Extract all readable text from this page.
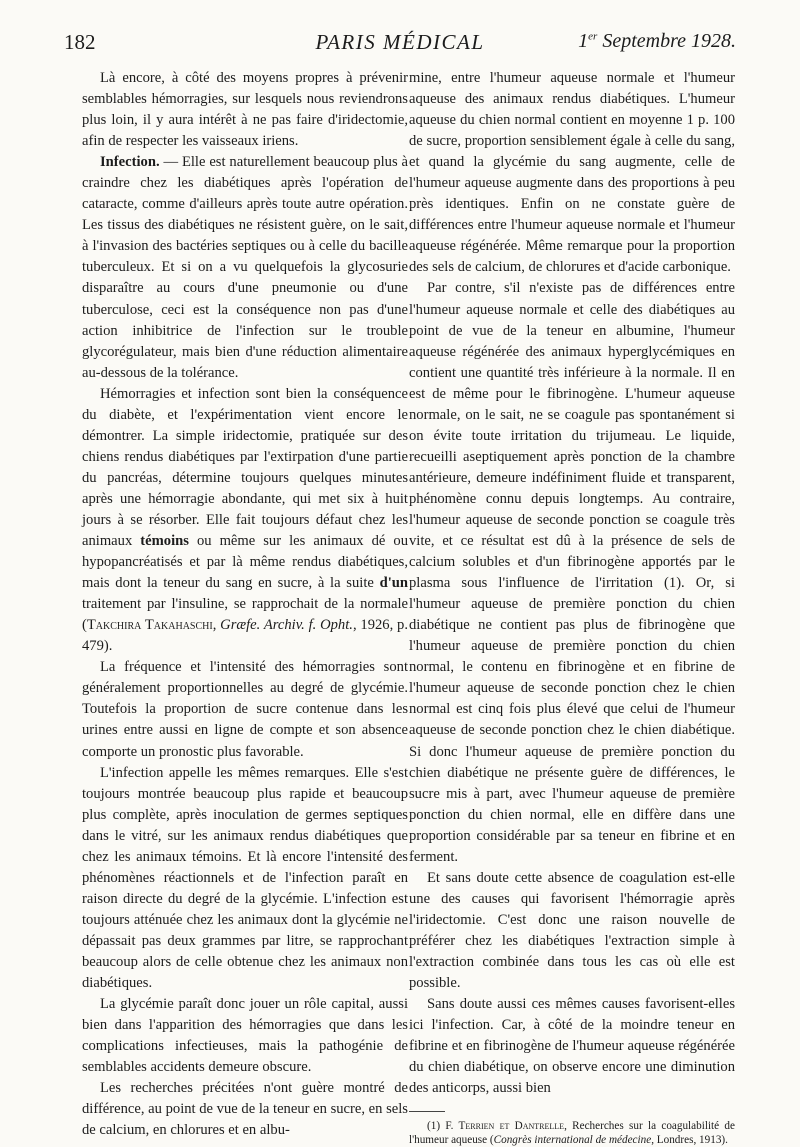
182	PARIS MÉDICAL	1er Septembre 1928.

Là encore, à côté des moyens propres à prévenir semblables hémorragies, sur lesquels nous reviendrons plus loin, il y aura intérêt à ne pas faire d'iridectomie, afin de respecter les vaisseaux iriens.

Infection. — Elle est naturellement beaucoup plus à craindre chez les diabétiques après l'opération de cataracte, comme d'ailleurs après toute autre opération. Les tissus des diabétiques ne résistent guère, on le sait, à l'invasion des bactéries septiques ou à celle du bacille tuberculeux. Et si on a vu quelquefois la glycosurie disparaître au cours d'une pneumonie ou d'une tuberculose, ceci est la conséquence non pas d'une action inhibitrice de l'infection sur le trouble glycorégulateur, mais bien d'une réduction alimentaire au-dessous de la tolérance.

Hémorragies et infection sont bien la conséquence du diabète, et l'expérimentation vient encore le démontrer. La simple iridectomie, pratiquée sur des chiens rendus diabétiques par l'extirpation d'une partie du pancréas, détermine toujours quelques minutes après une hémorragie abondante, qui met six à huit jours à se résorber. Elle fait toujours défaut chez les animaux témoins ou même sur les animaux dé ou hypopancréatisés et par là même rendus diabétiques, mais dont la teneur du sang en sucre, à la suite d'un traitement par l'insuline, se rapprochait de la normale (Takchira Takahaschi, Græfe. Archiv. f. Opht., 1926, p. 479).

La fréquence et l'intensité des hémorragies sont généralement proportionnelles au degré de glycémie. Toutefois la proportion de sucre contenue dans les urines entre aussi en ligne de compte et son absence comporte un pronostic plus favorable.

L'infection appelle les mêmes remarques. Elle s'est toujours montrée beaucoup plus rapide et beaucoup plus complète, après inoculation de germes septiques dans le vitré, sur les animaux rendus diabétiques que chez les animaux témoins. Et là encore l'intensité des phénomènes réactionnels et de l'infection paraît en raison directe du degré de la glycémie. L'infection est toujours atténuée chez les animaux dont la glycémie ne dépassait pas deux grammes par litre, se rapprochant beaucoup alors de celle obtenue chez les animaux non diabétiques.

La glycémie paraît donc jouer un rôle capital, aussi bien dans l'apparition des hémorragies que dans les complications infectieuses, mais la pathogénie de semblables accidents demeure obscure.

Les recherches précitées n'ont guère montré de différence, au point de vue de la teneur en sucre, en sels de calcium, en chlorures et en albu-

mine, entre l'humeur aqueuse normale et l'humeur aqueuse des animaux rendus diabétiques. L'humeur aqueuse du chien normal contient en moyenne 1 p. 100 de sucre, proportion sensiblement égale à celle du sang, et quand la glycémie du sang augmente, celle de l'humeur aqueuse augmente dans des proportions à peu près identiques. Enfin on ne constate guère de différences entre l'humeur aqueuse normale et l'humeur aqueuse régénérée. Même remarque pour la proportion des sels de calcium, de chlorures et d'acide carbonique.

Par contre, s'il n'existe pas de différences entre l'humeur aqueuse normale et celle des diabétiques au point de vue de la teneur en albumine, l'humeur aqueuse régénérée des animaux hyperglycémiques en contient une quantité très inférieure à la normale. Il en est de même pour le fibrinogène. L'humeur aqueuse normale, on le sait, ne se coagule pas spontanément si on évite toute irritation du trijumeau. Le liquide, recueilli aseptiquement après ponction de la chambre antérieure, demeure indéfiniment fluide et transparent, phénomène connu depuis longtemps. Au contraire, l'humeur aqueuse de seconde ponction se coagule très vite, et ce résultat est dû à la présence de sels de calcium solubles et d'un fibrinogène apportés par le plasma sous l'influence de l'irritation (1). Or, si l'humeur aqueuse de première ponction du chien diabétique ne contient pas plus de fibrinogène que l'humeur aqueuse de première ponction du chien normal, le contenu en fibrinogène et en fibrine de l'humeur aqueuse de seconde ponction chez le chien normal est cinq fois plus élevé que celui de l'humeur aqueuse de seconde ponction chez le chien diabétique. Si donc l'humeur aqueuse de première ponction du chien diabétique ne présente guère de différences, le sucre mis à part, avec l'humeur aqueuse de première ponction du chien normal, elle en diffère dans une proportion considérable par sa teneur en fibrine et en ferment.

Et sans doute cette absence de coagulation est-elle une des causes qui favorisent l'hémorragie après l'iridectomie. C'est donc une raison nouvelle de préférer chez les diabétiques l'extraction simple à l'extraction combinée dans tous les cas où elle est possible.

Sans doute aussi ces mêmes causes favorisent-elles ici l'infection. Car, à côté de la moindre teneur en fibrine et en fibrinogène de l'humeur aqueuse régénérée du chien diabétique, on observe encore une diminution des anticorps, aussi bien

(1) F. Terrien et Dantrelle, Recherches sur la coagulabilité de l'humeur aqueuse (Congrès international de médecine, Londres, 1913).
